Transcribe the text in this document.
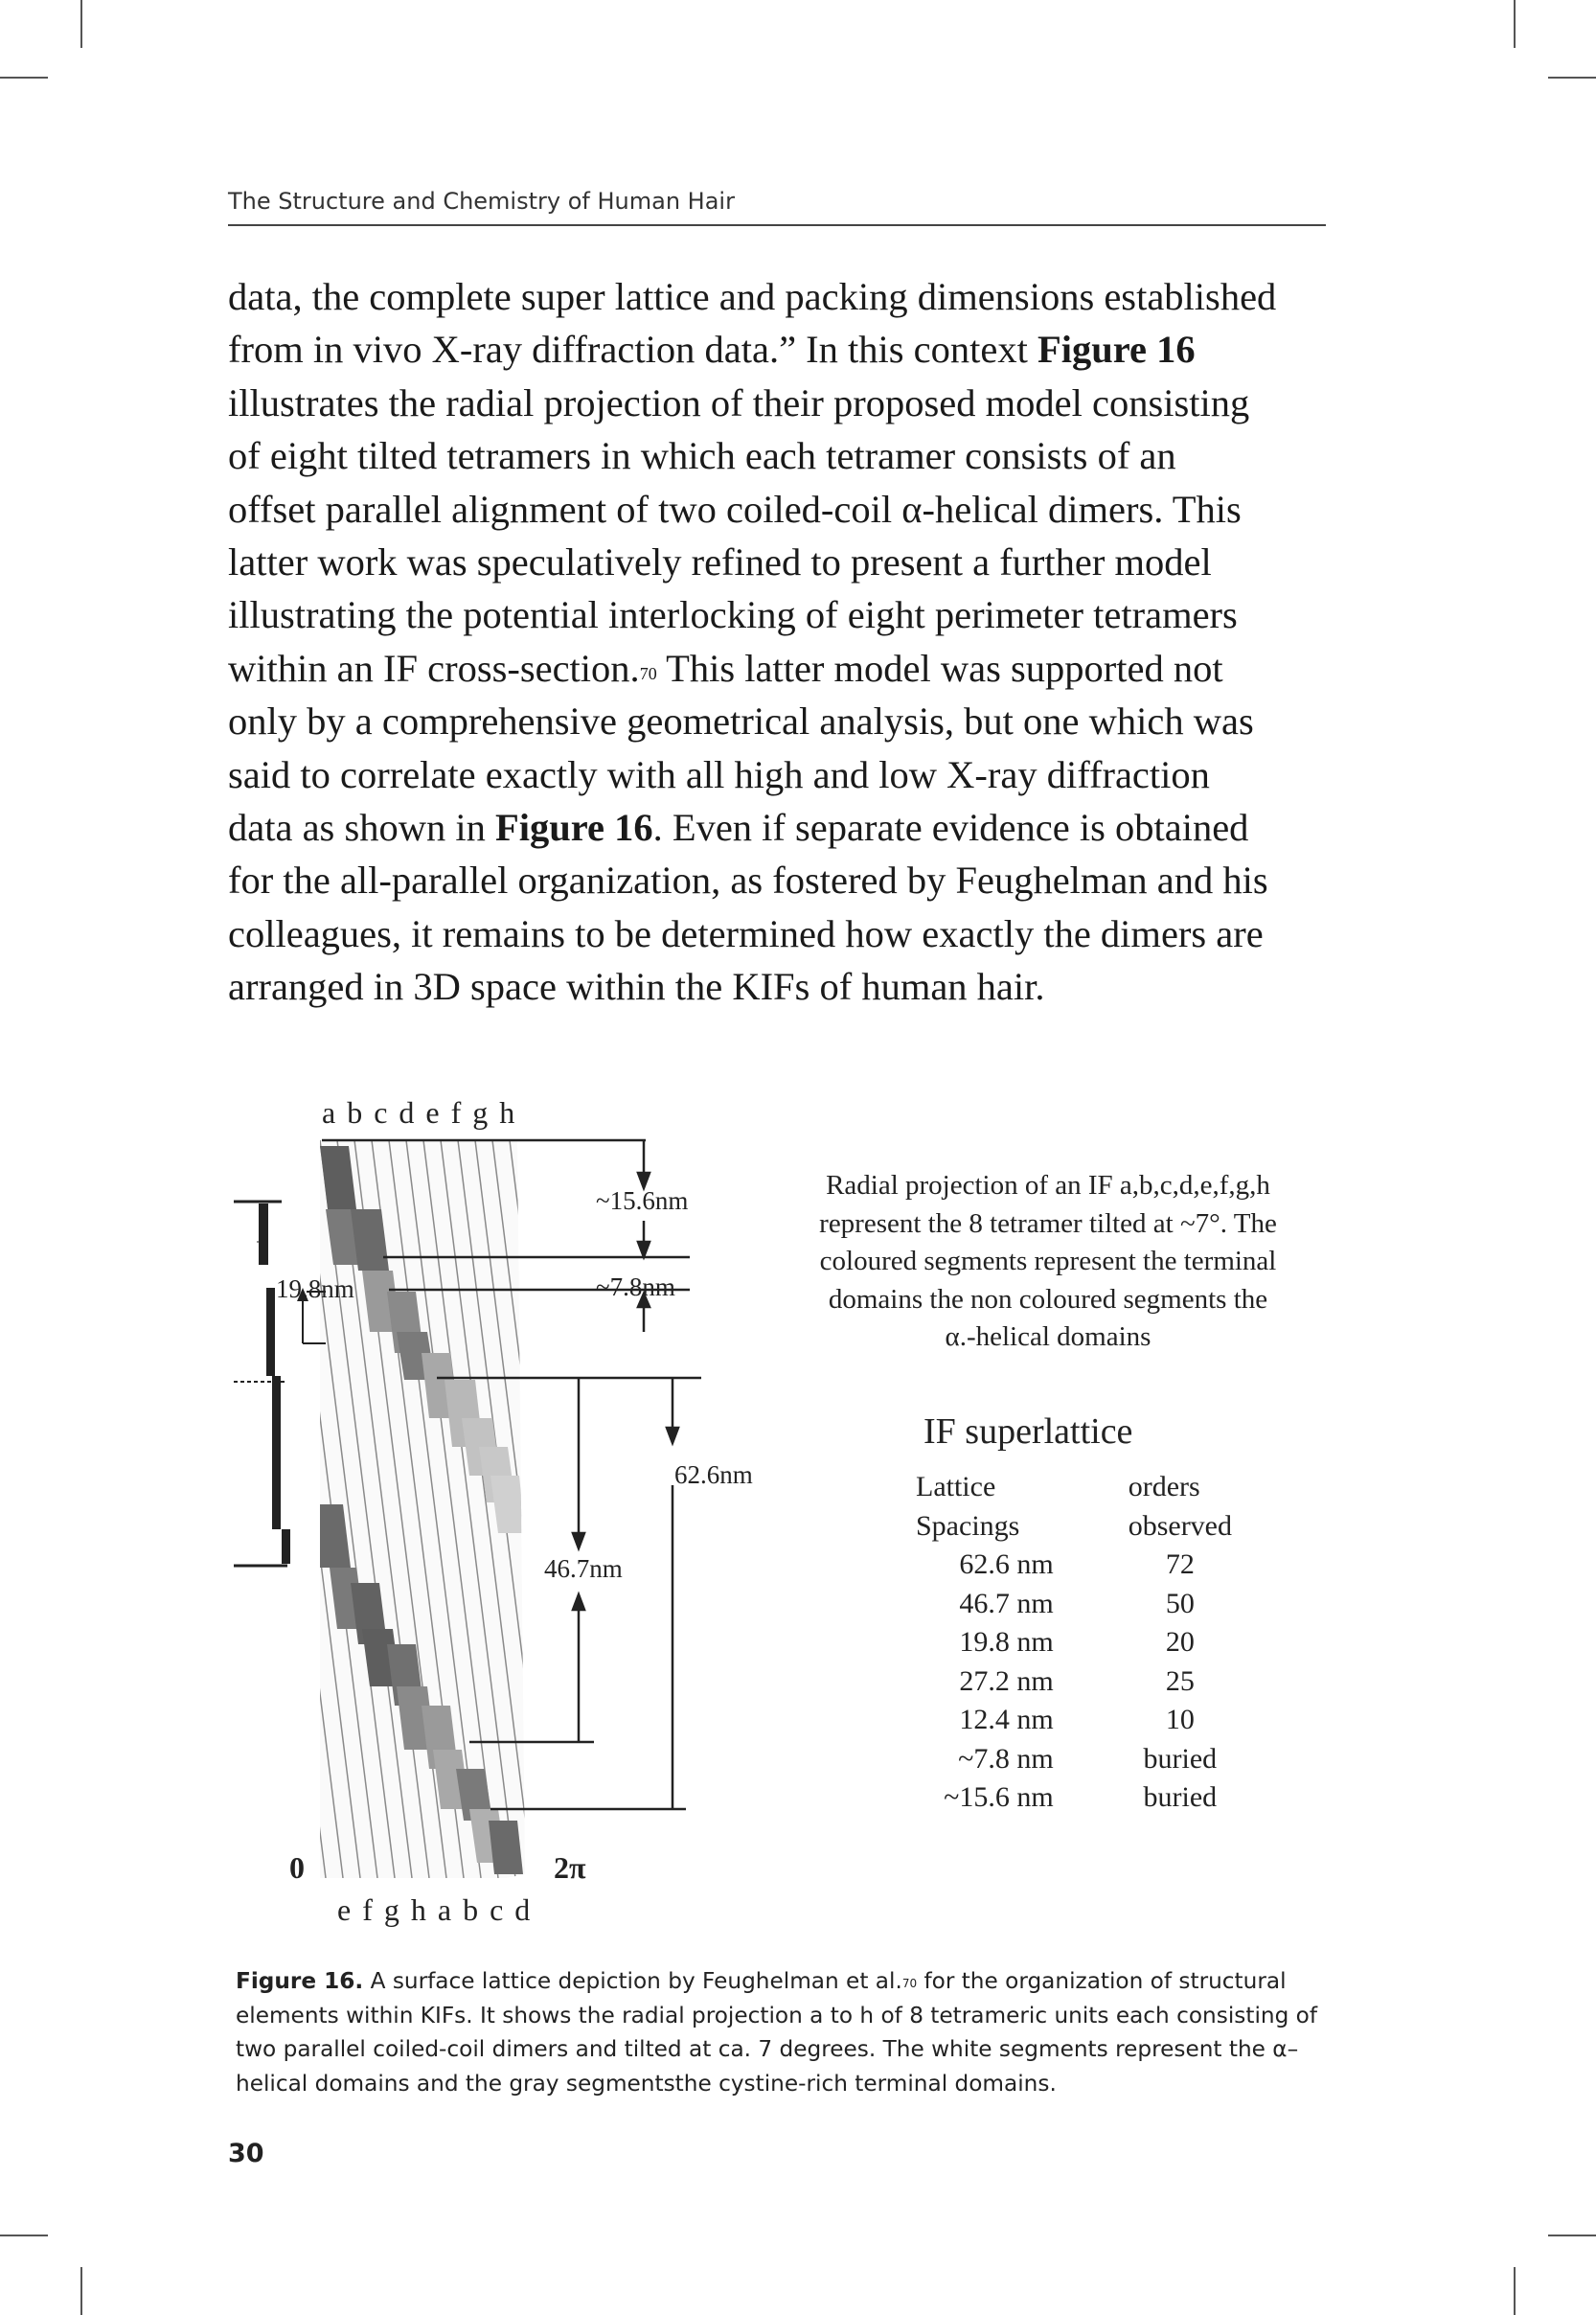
The Structure and Chemistry of Human Hair

data, the complete super lattice and packing dimensions established

from in vivo X-ray diffraction data.” In this context Figure 16

illustrates the radial projection of their proposed model consisting

of eight tilted tetramers in which each tetramer consists of an

offset parallel alignment of two coiled-coil α-helical dimers. This

latter work was speculatively refined to present a further model

illustrating the potential interlocking of eight perimeter tetramers

within an IF cross-section.$^{70}$ This latter model was supported not

only by a comprehensive geometrical analysis, but one which was

said to correlate exactly with all high and low X-ray diffraction

data as shown in Figure 16. Even if separate evidence is obtained

for the all-parallel organization, as fostered by Feughelman and his

colleagues, it remains to be determined how exactly the dimers are

arranged in 3D space within the KIFs of human hair.

a b c d e f g h
e f g h a b c d
0	2π
~15.6nm
~7.8nm
19.8nm
62.6nm
46.7nm
Radial projection of an IF a,b,c,d,e,f,g,h
represent the 8 tetramer tilted at ~7°. The
coloured segments represent the terminal
domains the non coloured segments the
α.-helical domains
IF superlattice
Lattice	orders
Spacings	observed
62.6 nm	72
46.7 nm	50
19.8 nm	20
27.2 nm	25
12.4 nm	10
~7.8 nm	buried
~15.6 nm	buried
Figure 16. A surface lattice depiction by Feughelman et al.$^{70}$ for the organization of structural elements within KIFs. It shows the radial projection a to h of 8 tetrameric units each consisting of two parallel coiled-coil dimers and tilted at ca. 7 degrees. The white segments represent the α–helical domains and the gray segmentsthe cystine-rich terminal domains.
30
